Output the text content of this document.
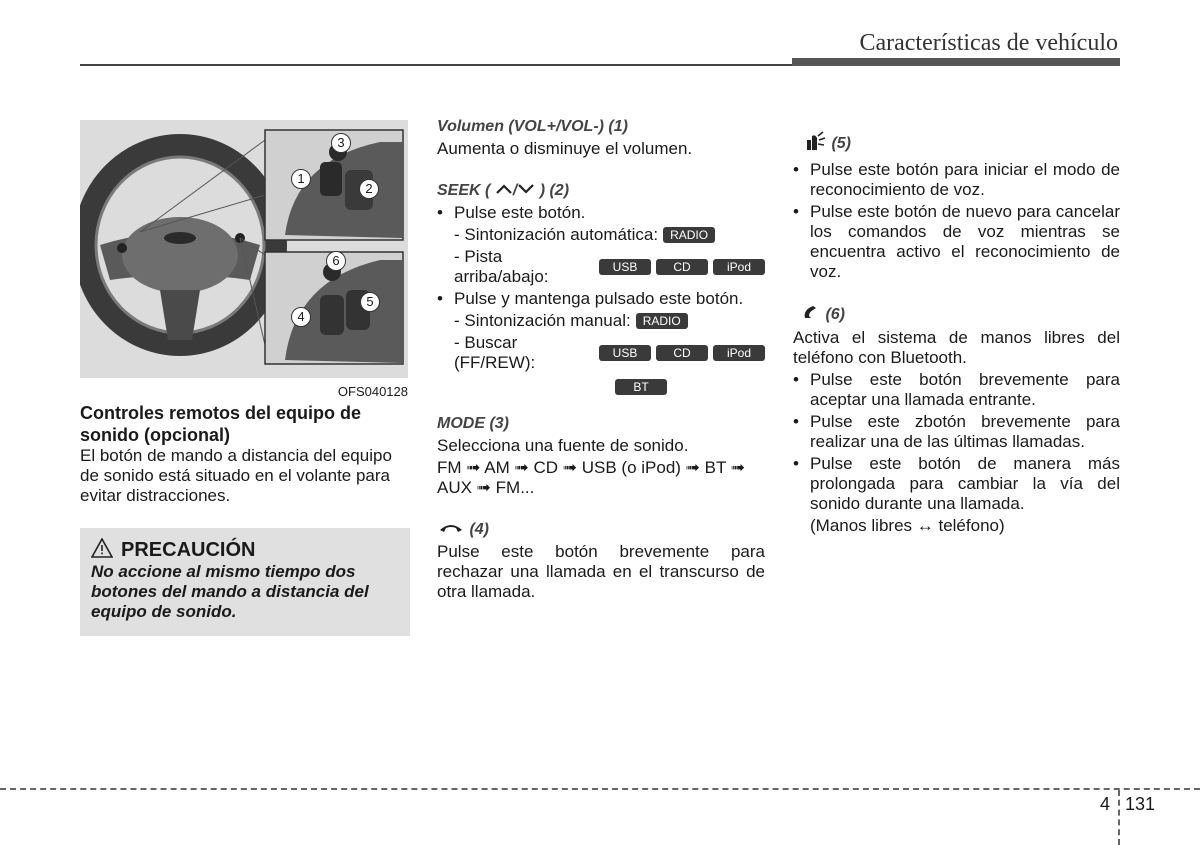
Características de vehículo
3
1
2
6
5
4
OFS040128

Controles remotos del equipo de sonido (opcional)

El botón de mando a distancia del equipo de sonido está situado en el volante para evitar distracciones.

PRECAUCIÓN

No accione al mismo tiempo dos botones del mando a distancia del equipo de sonido.

Volumen (VOL+/VOL-) (1)

Aumenta o disminuye el volumen.

SEEK ( / ) (2)

• Pulse este botón.
- Sintonización automática: RADIO
- Pista arriba/abajo:	USB	CD	iPod
• Pulse y mantenga pulsado este botón.
- Sintonización manual: RADIO
- Buscar (FF/REW):	USB	CD	iPod
BT

MODE (3)

Selecciona una fuente de sonido.

FM ➟ AM ➟ CD ➟ USB (o iPod) ➟ BT ➟ AUX ➟ FM...

(4)

Pulse este botón brevemente para rechazar una llamada en el transcurso de otra llamada.

(5)

• Pulse este botón para iniciar el modo de reconocimiento de voz.
• Pulse este botón de nuevo para cancelar los comandos de voz mientras se encuentra activo el reconocimiento de voz.

(6)

Activa el sistema de manos libres del teléfono con Bluetooth.

• Pulse este botón brevemente para aceptar una llamada entrante.
• Pulse este zbotón brevemente para realizar una de las últimas llamadas.
• Pulse este botón de manera más prolongada para cambiar la vía del sonido durante una llamada.

(Manos libres ↔ teléfono)

4 131
